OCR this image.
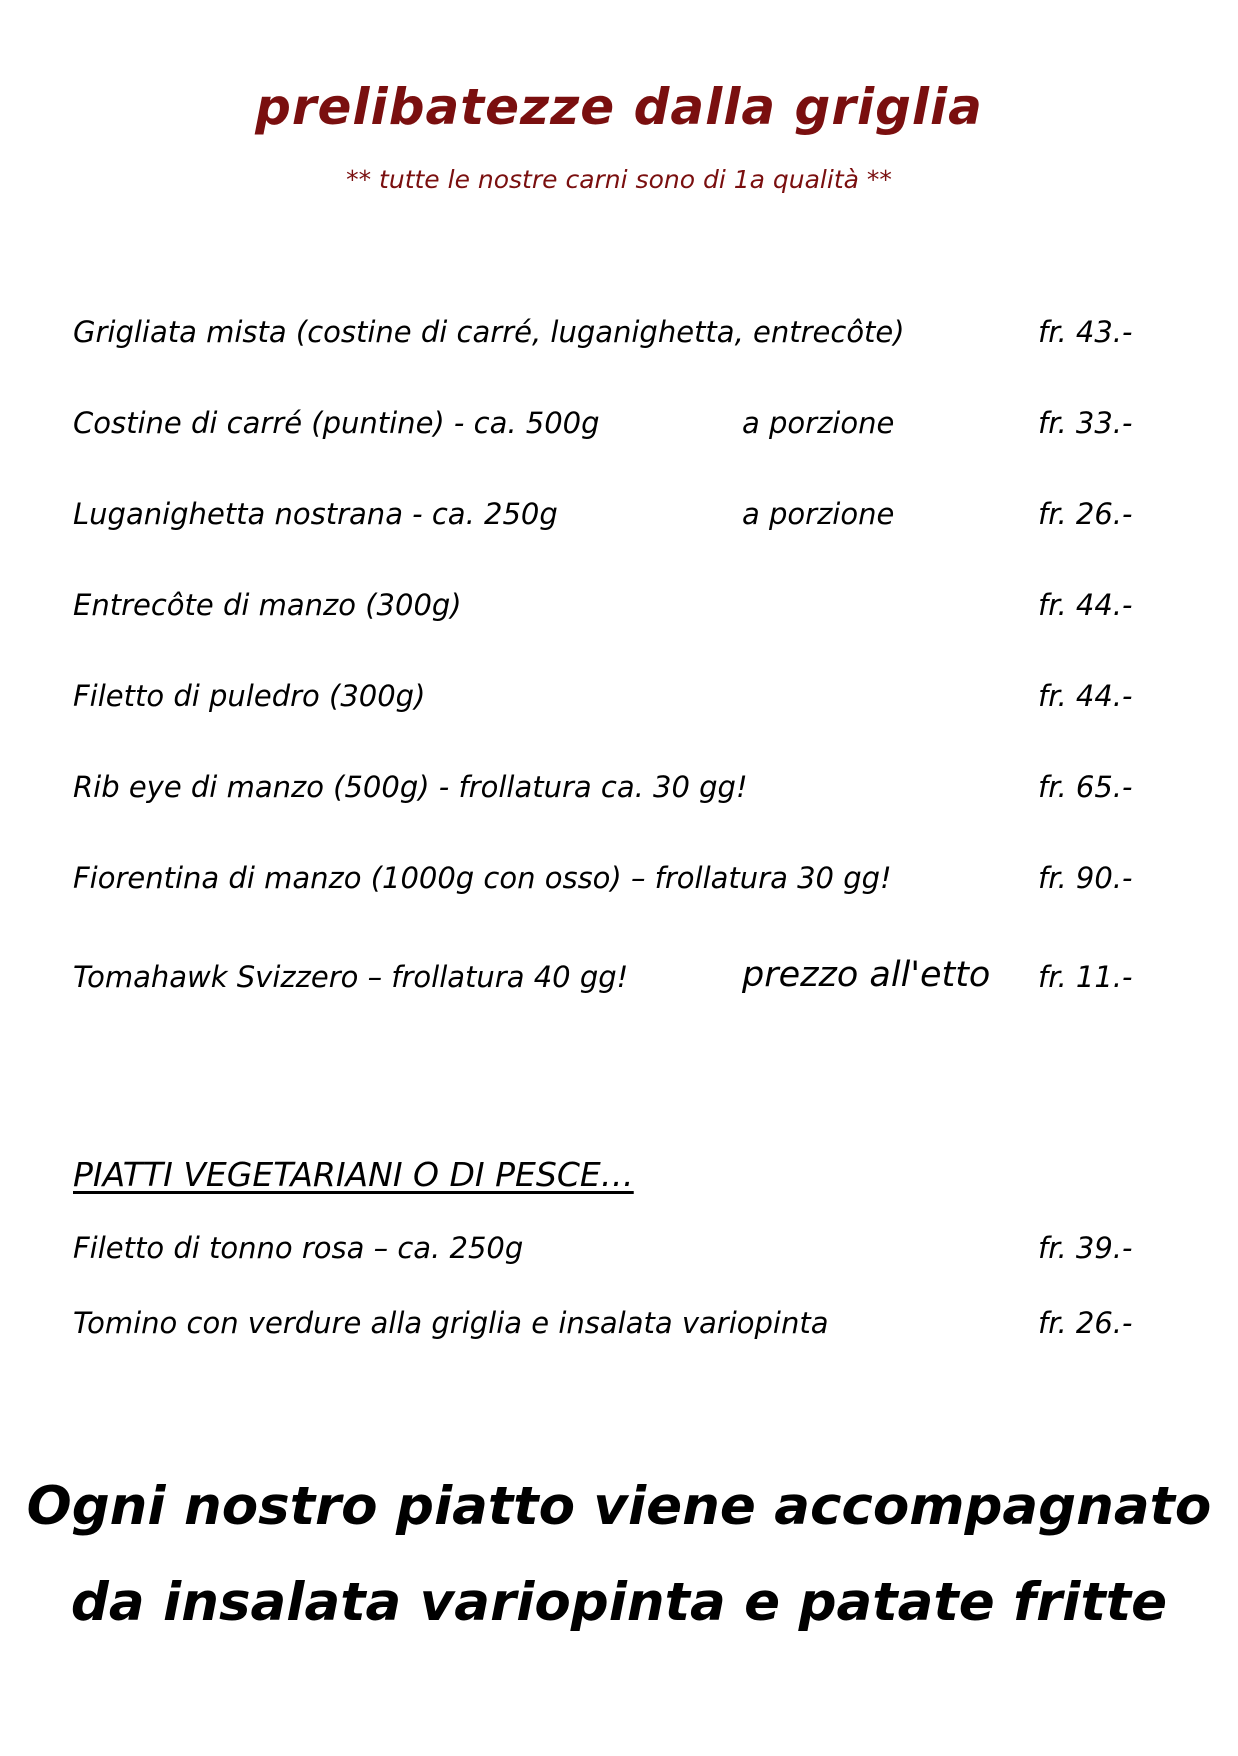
prelibatezze dalla griglia

** tutte le nostre carni sono di 1a qualità **

Grigliata mista (costine di carré, luganighetta, entrecôte)	fr. 43.-
Costine di carré (puntine) - ca. 500g	a porzione	fr. 33.-
Luganighetta nostrana - ca. 250g	a porzione	fr. 26.-
Entrecôte di manzo (300g)	fr. 44.-
Filetto di puledro (300g)	fr. 44.-
Rib eye di manzo (500g) - frollatura ca. 30 gg!	fr. 65.-
Fiorentina di manzo (1000g con osso) – frollatura 30 gg!	fr. 90.-
Tomahawk Svizzero – frollatura 40 gg!	prezzo all'etto fr. 11.-
PIATTI VEGETARIANI O DI PESCE…
Filetto di tonno rosa – ca. 250g	fr. 39.-
Tomino con verdure alla griglia e insalata variopinta	fr. 26.-
Ogni nostro piatto viene accompagnato
da insalata variopinta e patate fritte
